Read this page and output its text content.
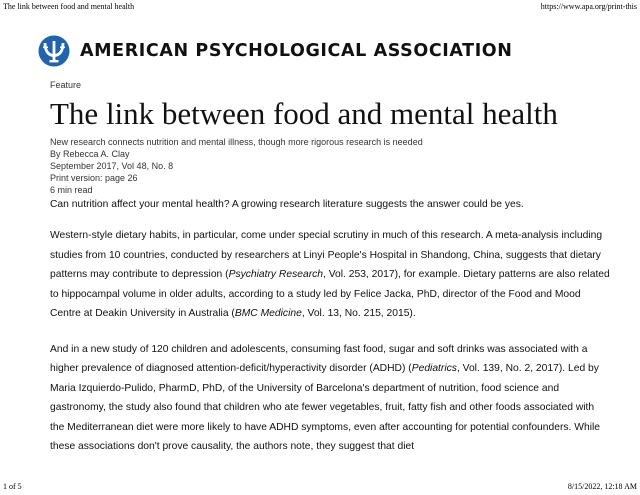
The link between food and mental health	https://www.apa.org/print-this
AMERICAN PSYCHOLOGICAL ASSOCIATION
Feature
The link between food and mental health
New research connects nutrition and mental illness, though more rigorous research is needed
By Rebecca A. Clay
September 2017, Vol 48, No. 8
Print version: page 26
6 min read
Can nutrition affect your mental health? A growing research literature suggests the answer could be yes.

Western-style dietary habits, in particular, come under special scrutiny in much of this research. A meta-analysis including studies from 10 countries, conducted by researchers at Linyi People's Hospital in Shandong, China, suggests that dietary patterns may contribute to depression (Psychiatry Research, Vol. 253, 2017), for example. Dietary patterns are also related to hippocampal volume in older adults, according to a study led by Felice Jacka, PhD, director of the Food and Mood Centre at Deakin University in Australia (BMC Medicine, Vol. 13, No. 215, 2015).

And in a new study of 120 children and adolescents, consuming fast food, sugar and soft drinks was associated with a higher prevalence of diagnosed attention-deficit/hyperactivity disorder (ADHD) (Pediatrics, Vol. 139, No. 2, 2017). Led by Maria Izquierdo-Pulido, PharmD, PhD, of the University of Barcelona's department of nutrition, food science and gastronomy, the study also found that children who ate fewer vegetables, fruit, fatty fish and other foods associated with the Mediterranean diet were more likely to have ADHD symptoms, even after accounting for potential confounders. While these associations don't prove causality, the authors note, they suggest that diet

1 of 5	8/15/2022, 12:18 AM
